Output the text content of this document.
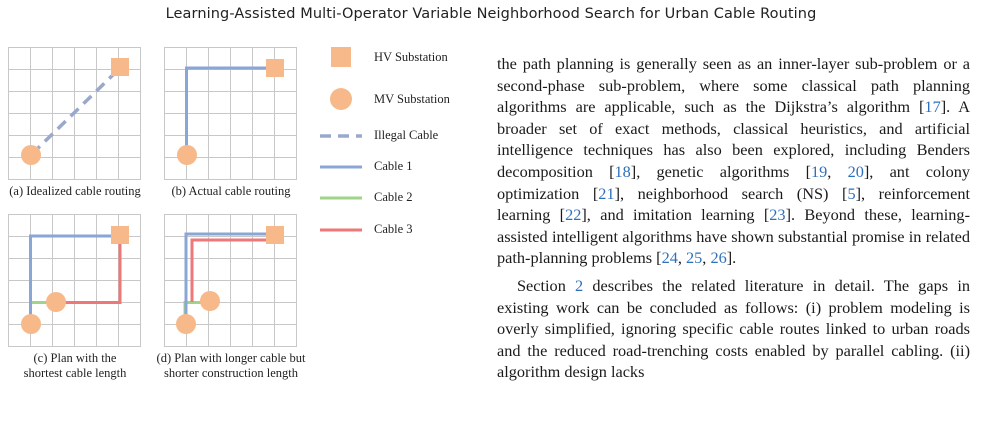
Learning-Assisted Multi-Operator Variable Neighborhood Search for Urban Cable Routing
(a) Idealized cable routing	(b) Actual cable routing
(c) Plan with the
shortest cable length
(d) Plan with longer cable but
shorter construction length
HV Substation
MV Substation
Illegal Cable
Cable 1
Cable 2
Cable 3

the path planning is generally seen as an inner-layer sub-problem or a second-phase sub-problem, where some classical path planning algorithms are applicable, such as the Dijkstra’s algorithm [17]. A broader set of exact methods, classical heuristics, and artificial intelligence techniques has also been explored, including Benders decomposition [18], genetic algorithms [19, 20], ant colony optimization [21], neighborhood search (NS) [5], reinforcement learning [22], and imitation learning [23]. Beyond these, learning-assisted intelligent algorithms have shown substantial promise in related path-planning problems [24, 25, 26].

Section 2 describes the related literature in detail. The gaps in existing work can be concluded as follows: (i) problem modeling is overly simplified, ignoring specific cable routes linked to urban roads and the reduced road-trenching costs enabled by parallel cabling. (ii) algorithm design lacks
